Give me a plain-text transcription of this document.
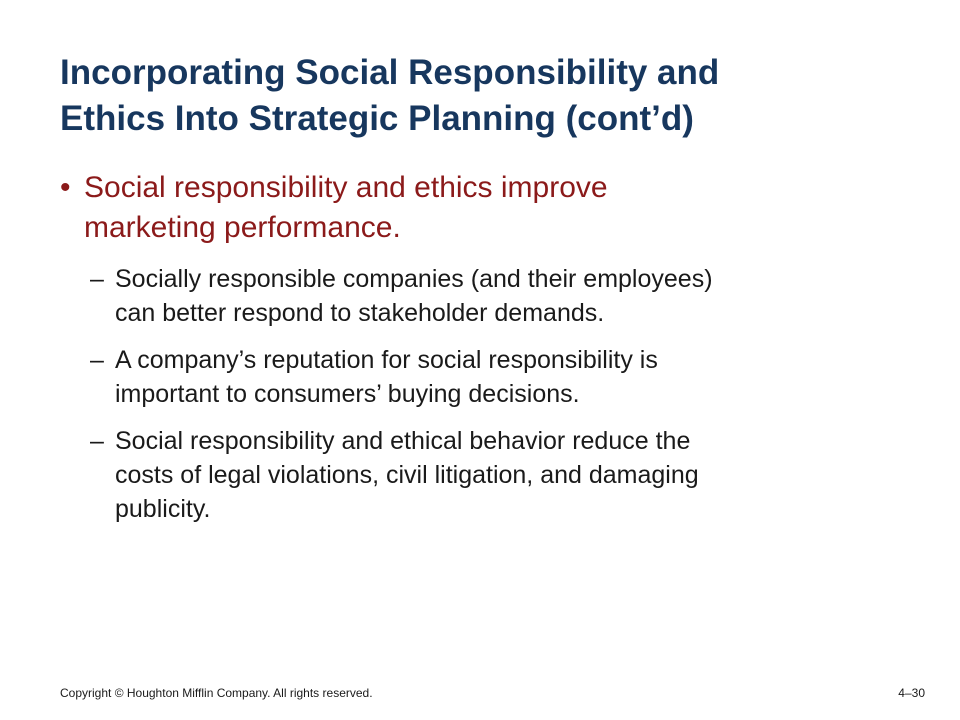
Incorporating Social Responsibility and
Ethics Into Strategic Planning (cont’d)
• Social responsibility and ethics improve
marketing performance.
– Socially responsible companies (and their employees)
can better respond to stakeholder demands.
– A company’s reputation for social responsibility is
important to consumers’ buying decisions.
– Social responsibility and ethical behavior reduce the
costs of legal violations, civil litigation, and damaging
publicity.
Copyright © Houghton Mifflin Company. All rights reserved.	4–30
